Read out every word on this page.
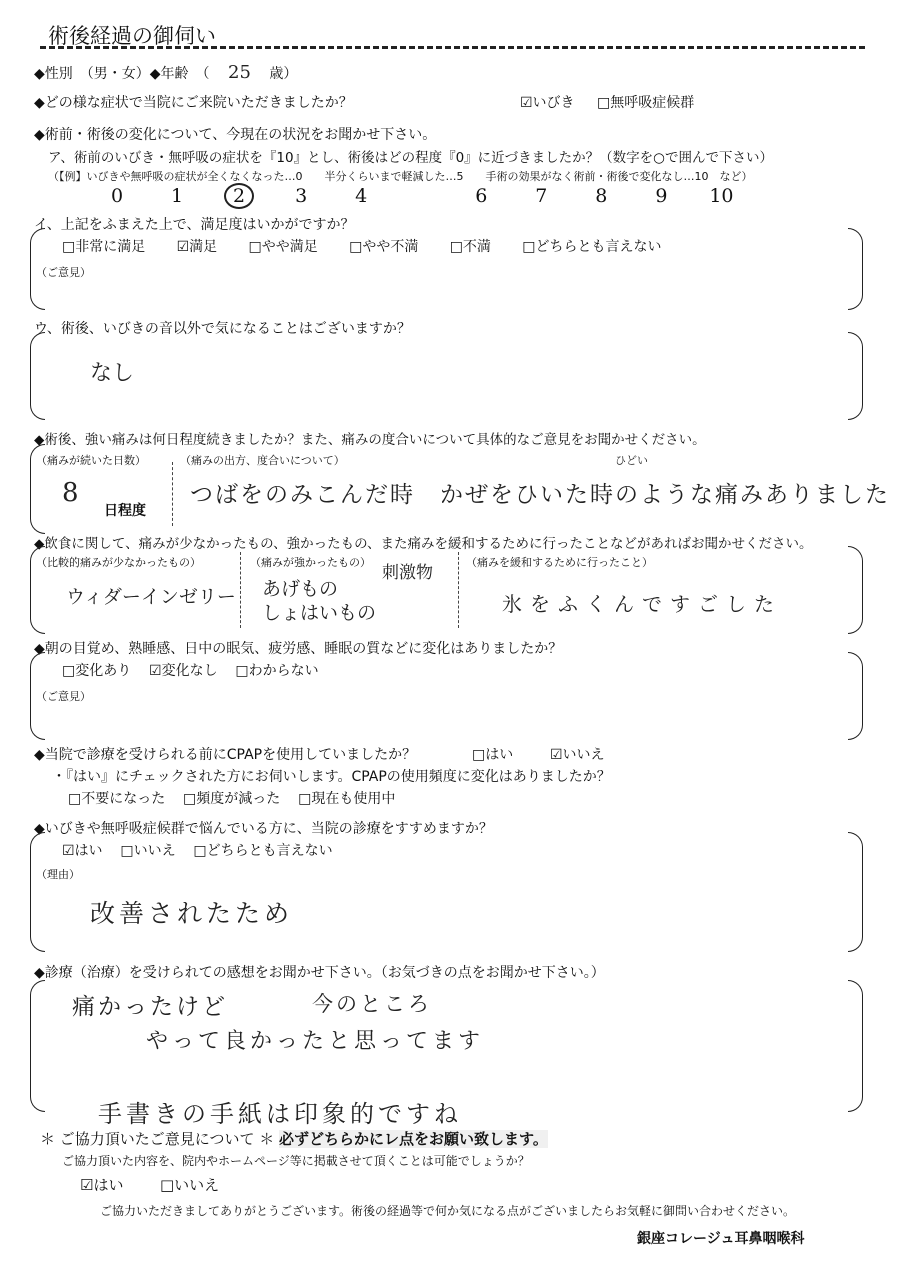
術後経過の御伺い
◆性別　（男・女）◆年齢　（ 25 歳）
◆どの様な症状で当院にご来院いただきましたか？	☑いびき □無呼吸症候群
◆術前・術後の変化について、今現在の状況をお聞かせ下さい。
ア、術前のいびき・無呼吸の症状を『10』とし、術後はどの程度『0』に近づきましたか？（数字を○で囲んで下さい）
（【例】いびきや無呼吸の症状が全くなくなった…0　　半分くらいまで軽減した…5　　手術の効果がなく術前・術後で変化なし…10　など）
0	1	2	3	4	6	7	8	9 10
イ、上記をふまえた上で、満足度はいかがですか？
□非常に満足 ☑満足 □やや満足 □やや不満 □不満 □どちらとも言えない
（ご意見）
ウ、術後、いびきの音以外で気になることはございますか？
なし
◆術後、強い痛みは何日程度続きましたか？また、痛みの度合いについて具体的なご意見をお聞かせください。
（痛みが続いた日数）
8
日程度
（痛みの出方、度合いについて）	ひどい
つばをのみこんだ時　かぜをひいた時のような痛みありました
◆飲食に関して、痛みが少なかったもの、強かったもの、また痛みを緩和するために行ったことなどがあればお聞かせください。
（比較的痛みが少なかったもの）
ウィダーインゼリー
（痛みが強かったもの）
刺激物
あげもの
しょはいもの
（痛みを緩和するために行ったこと）
氷をふくんですごした
◆朝の目覚め、熟睡感、日中の眠気、疲労感、睡眠の質などに変化はありましたか？
□変化あり ☑変化なし □わからない
（ご意見）
◆当院で診療を受けられる前にCPAPを使用していましたか？	□はい	☑いいえ
・『はい』にチェックされた方にお伺いします。CPAPの使用頻度に変化はありましたか？
□不要になった □頻度が減った □現在も使用中
◆いびきや無呼吸症候群で悩んでいる方に、当院の診療をすすめますか？
☑はい □いいえ □どちらとも言えない
（理由）
改善されたため
◆診療（治療）を受けられての感想をお聞かせ下さい。（お気づきの点をお聞かせ下さい。）
痛かったけど	今のところ
やって良かったと思ってます
手書きの手紙は印象的ですね
＊ ご協力頂いたご意見について ＊ 必ずどちらかにレ点をお願い致します。
ご協力頂いた内容を、院内やホームページ等に掲載させて頂くことは可能でしょうか？
☑はい □いいえ
ご協力いただきましてありがとうございます。術後の経過等で何か気になる点がございましたらお気軽に御問い合わせください。
銀座コレージュ耳鼻咽喉科
